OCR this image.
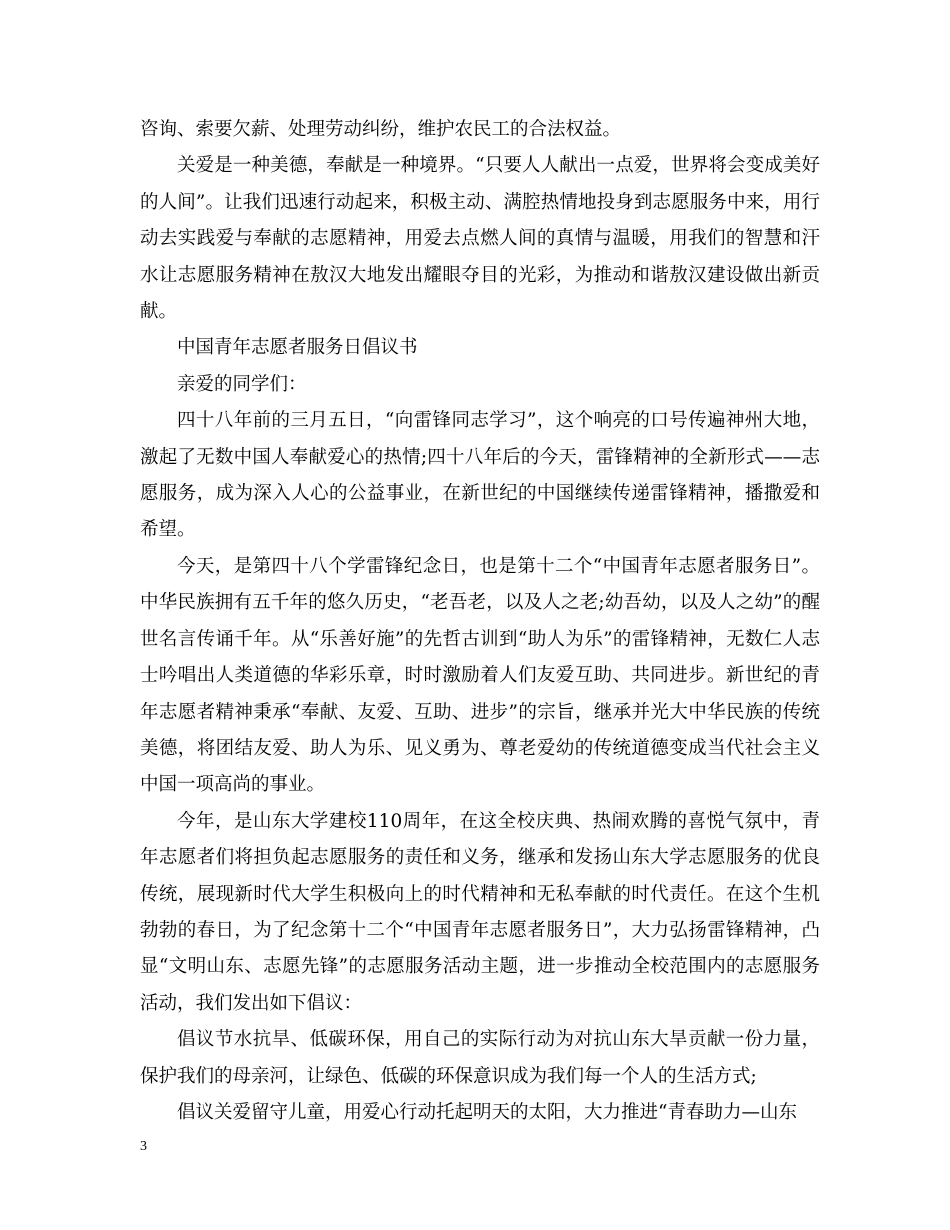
咨询、索要欠薪、处理劳动纠纷，维护农民工的合法权益。

关爱是一种美德，奉献是一种境界。“只要人人献出一点爱，世界将会变成美好的人间”。让我们迅速行动起来，积极主动、满腔热情地投身到志愿服务中来，用行动去实践爱与奉献的志愿精神，用爱去点燃人间的真情与温暖，用我们的智慧和汗水让志愿服务精神在敖汉大地发出耀眼夺目的光彩，为推动和谐敖汉建设做出新贡献。

中国青年志愿者服务日倡议书

亲爱的同学们：

四十八年前的三月五日，“向雷锋同志学习”，这个响亮的口号传遍神州大地，激起了无数中国人奉献爱心的热情;四十八年后的今天，雷锋精神的全新形式——志愿服务，成为深入人心的公益事业，在新世纪的中国继续传递雷锋精神，播撒爱和希望。

今天，是第四十八个学雷锋纪念日，也是第十二个“中国青年志愿者服务日”。中华民族拥有五千年的悠久历史，“老吾老，以及人之老;幼吾幼，以及人之幼”的醒世名言传诵千年。从“乐善好施”的先哲古训到“助人为乐”的雷锋精神，无数仁人志士吟唱出人类道德的华彩乐章，时时激励着人们友爱互助、共同进步。新世纪的青年志愿者精神秉承“奉献、友爱、互助、进步”的宗旨，继承并光大中华民族的传统美德，将团结友爱、助人为乐、见义勇为、尊老爱幼的传统道德变成当代社会主义中国一项高尚的事业。

今年，是山东大学建校110周年，在这全校庆典、热闹欢腾的喜悦气氛中，青年志愿者们将担负起志愿服务的责任和义务，继承和发扬山东大学志愿服务的优良传统，展现新时代大学生积极向上的时代精神和无私奉献的时代责任。在这个生机勃勃的春日，为了纪念第十二个“中国青年志愿者服务日”，大力弘扬雷锋精神，凸显“文明山东、志愿先锋”的志愿服务活动主题，进一步推动全校范围内的志愿服务活动，我们发出如下倡议：

倡议节水抗旱、低碳环保，用自己的实际行动为对抗山东大旱贡献一份力量，保护我们的母亲河，让绿色、低碳的环保意识成为我们每一个人的生活方式;

倡议关爱留守儿童，用爱心行动托起明天的太阳，大力推进“青春助力—山东

3
